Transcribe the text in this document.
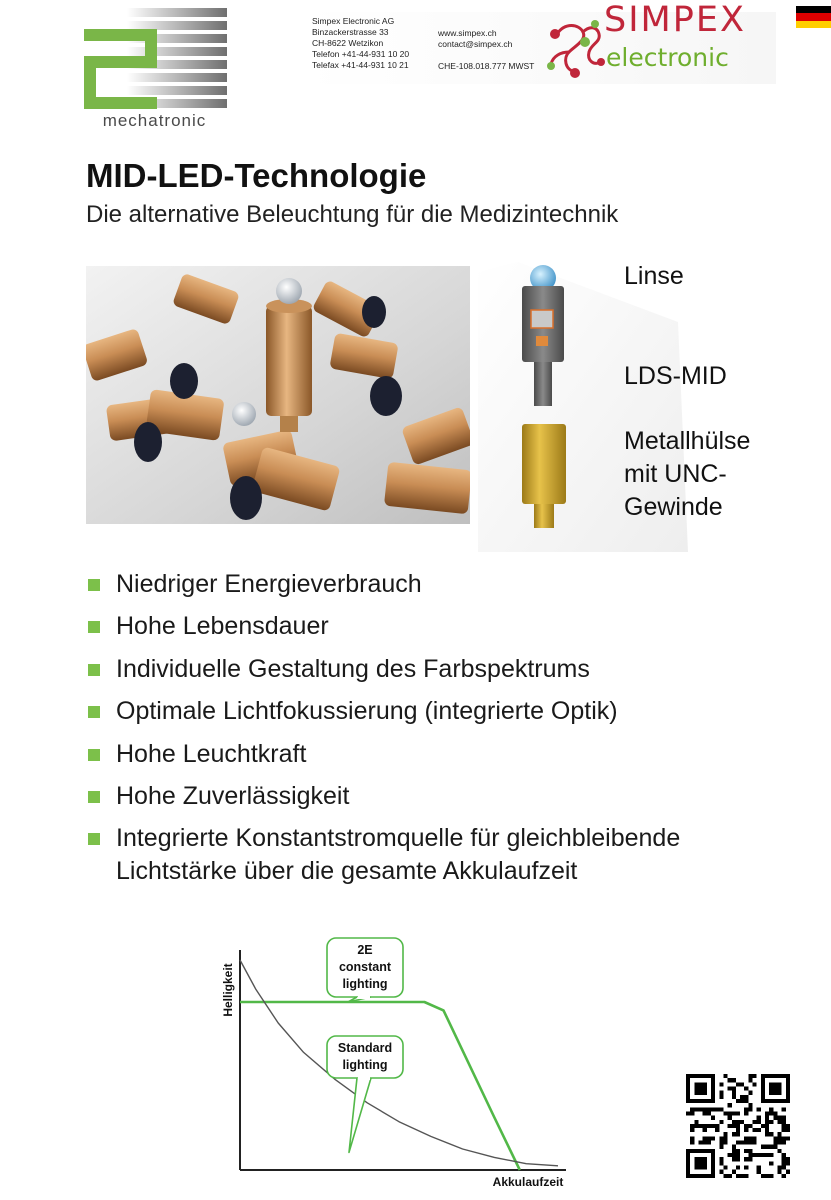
mechatronic
Simpex Electronic AG
Binzackerstrasse 33
CH-8622 Wetzikon
Telefon +41-44-931 10 20
Telefax +41-44-931 10 21
www.simpex.ch
contact@simpex.ch
CHE-108.018.777 MWST
SIMPEX
electronic
MID-LED-Technologie
Die alternative Beleuchtung für die Medizintechnik
Linse
LDS-MID
Metallhülse
mit UNC-
Gewinde
Niedriger Energieverbrauch
Hohe Lebensdauer
Individuelle Gestaltung des Farbspektrums
Optimale Lichtfokussierung (integrierte Optik)
Hohe Leuchtkraft
Hohe Zuverlässigkeit
Integrierte Konstantstromquelle für gleichbleibende
Lichtstärke über die gesamte Akkulaufzeit
Akkulaufzeit
Helligkeit
2E
constant
lighting
Standard
lighting
